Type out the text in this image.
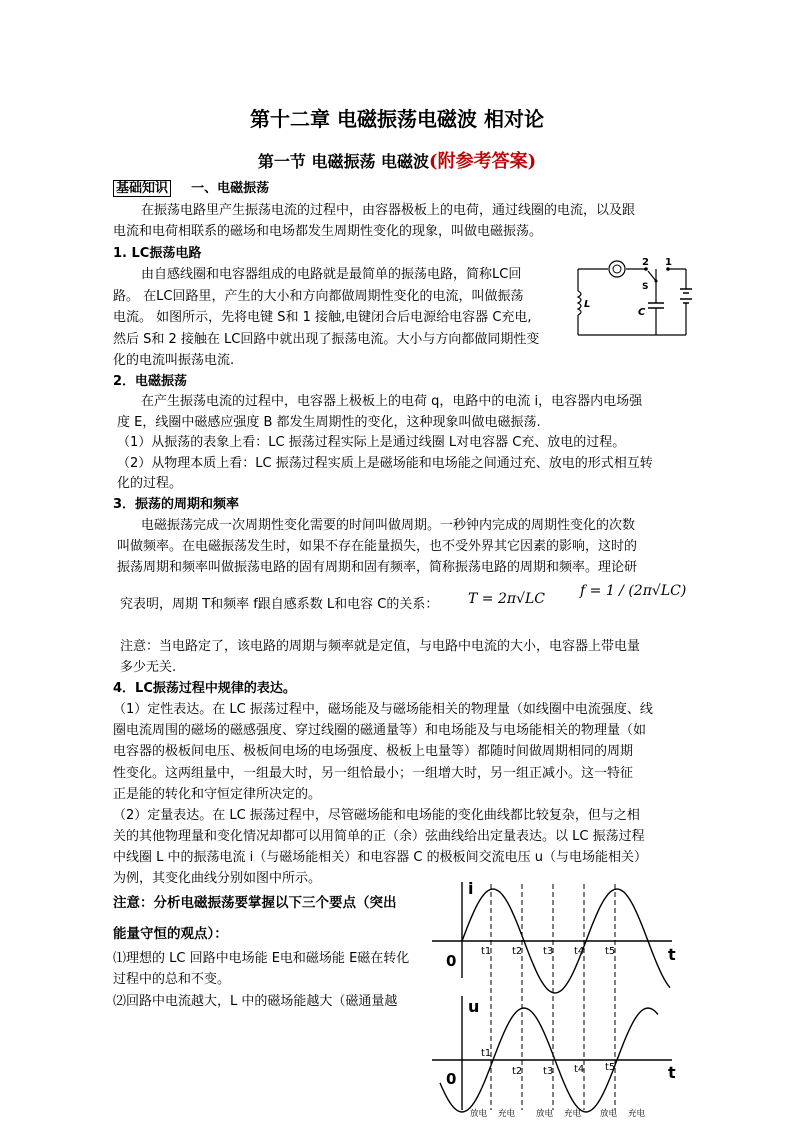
第十二章 电磁振荡电磁波 相对论
第一节 电磁振荡 电磁波(附参考答案)
基础知识 一、电磁振荡
在振荡电路里产生振荡电流的过程中，由容器极板上的电荷，通过线圈的电流，以及跟
电流和电荷相联系的磁场和电场都发生周期性变化的现象，叫做电磁振荡。
1. LC振荡电路
由自感线圈和电容器组成的电路就是最简单的振荡电路，简称LC回
路。 在LC回路里，产生的大小和方向都做周期性变化的电流，叫做振荡
电流。 如图所示，先将电键 S和 1 接触,电键闭合后电源给电容器 C充电,
然后 S和 2 接触在 LC回路中就出现了振荡电流。大小与方向都做同期性变
化的电流叫振荡电流.
2 1
S
L
C
2．电磁振荡
在产生振荡电流的过程中，电容器上极板上的电荷 q，电路中的电流 i，电容器内电场强
度 E，线圈中磁感应强度 B 都发生周期性的变化，这种现象叫做电磁振荡.
（1）从振荡的表象上看：LC 振荡过程实际上是通过线圈 L对电容器 C充、放电的过程。
（2）从物理本质上看：LC 振荡过程实质上是磁场能和电场能之间通过充、放电的形式相互转
化的过程。
3．振荡的周期和频率
电磁振荡完成一次周期性变化需要的时间叫做周期。一秒钟内完成的周期性变化的次数
叫做频率。在电磁振荡发生时，如果不存在能量损失，也不受外界其它因素的影响，这时的
振荡周期和频率叫做振荡电路的固有周期和固有频率，简称振荡电路的周期和频率。理论研
究表明，周期 T和频率 f跟自感系数 L和电容 C的关系： T = 2π√LC f = 1 / (2π√LC)
注意：当电路定了，该电路的周期与频率就是定值，与电路中电流的大小，电容器上带电量
多少无关.
4．LC振荡过程中规律的表达。
（1）定性表达。在 LC 振荡过程中，磁场能及与磁场能相关的物理量（如线圈中电流强度、线
圈电流周围的磁场的磁感强度、穿过线圈的磁通量等）和电场能及与电场能相关的物理量（如
电容器的极板间电压、极板间电场的电场强度、极板上电量等）都随时间做周期相同的周期
性变化。这两组量中，一组最大时，另一组恰最小；一组增大时，另一组正减小。这一特征
正是能的转化和守恒定律所决定的。
（2）定量表达。在 LC 振荡过程中，尽管磁场能和电场能的变化曲线都比较复杂，但与之相
关的其他物理量和变化情况却都可以用简单的正（余）弦曲线给出定量表达。以 LC 振荡过程
中线圈 L 中的振荡电流 i（与磁场能相关）和电容器 C 的极板间交流电压 u（与电场能相关）
为例，其变化曲线分别如图中所示。
注意：分析电磁振荡要掌握以下三个要点（突出
能量守恒的观点）：
⑴理想的 LC 回路中电场能 E电和磁场能 E磁在转化
过程中的总和不变。
⑵回路中电流越大，L 中的磁场能越大（磁通量越
i
t
0
u
t
0
t1
t1
t2
t2
t3
t3
t4
t4
t5
t5
放电 充电 放电 充电 放电 充电
